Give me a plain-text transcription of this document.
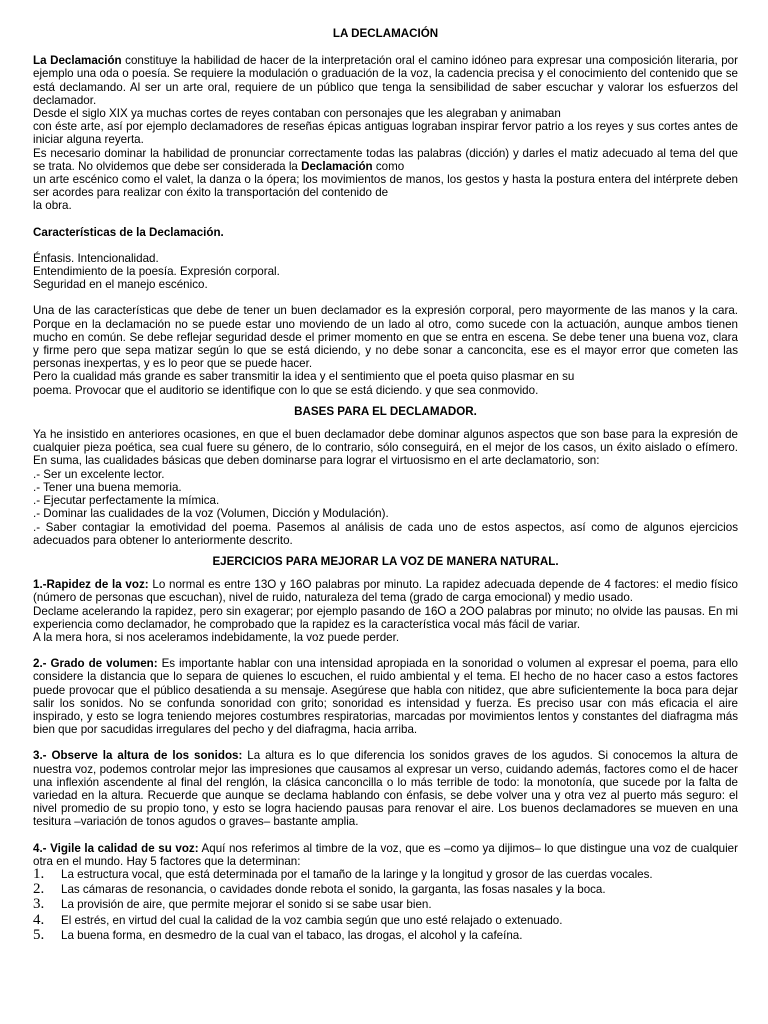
LA DECLAMACIÓN

La Declamación constituye la habilidad de hacer de la interpretación oral el camino idóneo para expresar una composición literaria, por ejemplo una oda o poesía. Se requiere la modulación o graduación de la voz, la cadencia precisa y el conocimiento del contenido que se está declamando. Al ser un arte oral, requiere de un público que tenga la sensibilidad de saber escuchar y valorar los esfuerzos del declamador.

Desde el siglo XIX ya muchas cortes de reyes contaban con personajes que les alegraban y animaban

con éste arte, así por ejemplo declamadores de reseñas épicas antiguas lograban inspirar fervor patrio a los reyes y sus cortes antes de iniciar alguna reyerta.

Es necesario dominar la habilidad de pronunciar correctamente todas las palabras (dicción) y darles el matiz adecuado al tema del que se trata. No olvidemos que debe ser considerada la Declamación como

un arte escénico como el valet, la danza o la ópera; los movimientos de manos, los gestos y hasta la postura entera del intérprete deben ser acordes para realizar con éxito la transportación del contenido de

la obra.
Características de la Declamación.
Énfasis. Intencionalidad.
Entendimiento de la poesía. Expresión corporal.
Seguridad en el manejo escénico.

Una de las características que debe de tener un buen declamador es la expresión corporal, pero mayormente de las manos y la cara. Porque en la declamación no se puede estar uno moviendo de un lado al otro, como sucede con la actuación, aunque ambos tienen mucho en común. Se debe reflejar seguridad desde el primer momento en que se entra en escena. Se debe tener una buena voz, clara y firme pero que sepa matizar según lo que se está diciendo, y no debe sonar a canconcita, ese es el mayor error que cometen las personas inexpertas, y es lo peor que se puede hacer.

Pero la cualidad más grande es saber transmitir la idea y el sentimiento que el poeta quiso plasmar en su
poema. Provocar que el auditorio se identifique con lo que se está diciendo. y que sea conmovido.
BASES PARA EL DECLAMADOR.

Ya he insistido en anteriores ocasiones, en que el buen declamador debe dominar algunos aspectos que son base para la expresión de cualquier pieza poética, sea cual fuere su género, de lo contrario, sólo conseguirá, en el mejor de los casos, un éxito aislado o efímero. En suma, las cualidades básicas que deben dominarse para lograr el virtuosismo en el arte declamatorio, son:

.- Ser un excelente lector.
.- Tener una buena memoria.
.- Ejecutar perfectamente la mímica.
.- Dominar las cualidades de la voz (Volumen, Dicción y Modulación).

.- Saber contagiar la emotividad del poema. Pasemos al análisis de cada uno de estos aspectos, así como de algunos ejercicios adecuados para obtener lo anteriormente descrito.

EJERCICIOS PARA MEJORAR LA VOZ DE MANERA NATURAL.

1.-Rapidez de la voz: Lo normal es entre 13O y 16O palabras por minuto. La rapidez adecuada depende de 4 factores: el medio físico (número de personas que escuchan), nivel de ruido, naturaleza del tema (grado de carga emocional) y medio usado.

Declame acelerando la rapidez, pero sin exagerar; por ejemplo pasando de 16O a 2OO palabras por minuto; no olvide las pausas. En mi experiencia como declamador, he comprobado que la rapidez es la característica vocal más fácil de variar.

A la mera hora, si nos aceleramos indebidamente, la voz puede perder.

2.- Grado de volumen: Es importante hablar con una intensidad apropiada en la sonoridad o volumen al expresar el poema, para ello considere la distancia que lo separa de quienes lo escuchen, el ruido ambiental y el tema. El hecho de no hacer caso a estos factores puede provocar que el público desatienda a su mensaje. Asegúrese que habla con nitidez, que abre suficientemente la boca para dejar salir los sonidos. No se confunda sonoridad con grito; sonoridad es intensidad y fuerza. Es preciso usar con más eficacia el aire inspirado, y esto se logra teniendo mejores costumbres respiratorias, marcadas por movimientos lentos y constantes del diafragma más bien que por sacudidas irregulares del pecho y del diafragma, hacia arriba.

3.- Observe la altura de los sonidos: La altura es lo que diferencia los sonidos graves de los agudos. Si conocemos la altura de nuestra voz, podemos controlar mejor las impresiones que causamos al expresar un verso, cuidando además, factores como el de hacer una inflexión ascendente al final del renglón, la clásica canconcilla o lo más terrible de todo: la monotonía, que sucede por la falta de variedad en la altura. Recuerde que aunque se declama hablando con énfasis, se debe volver una y otra vez al puerto más seguro: el nivel promedio de su propio tono, y esto se logra haciendo pausas para renovar el aire. Los buenos declamadores se mueven en una tesitura –variación de tonos agudos o graves– bastante amplia.

4.- Vigile la calidad de su voz: Aquí nos referimos al timbre de la voz, que es –como ya dijimos– lo que distingue una voz de cualquier otra en el mundo. Hay 5 factores que la determinan:

1.	La estructura vocal, que está determinada por el tamaño de la laringe y la longitud y grosor de las cuerdas vocales.
2.	Las cámaras de resonancia, o cavidades donde rebota el sonido, la garganta, las fosas nasales y la boca.
3.	La provisión de aire, que permite mejorar el sonido si se sabe usar bien.
4.	El estrés, en virtud del cual la calidad de la voz cambia según que uno esté relajado o extenuado.
5.	La buena forma, en desmedro de la cual van el tabaco, las drogas, el alcohol y la cafeína.
